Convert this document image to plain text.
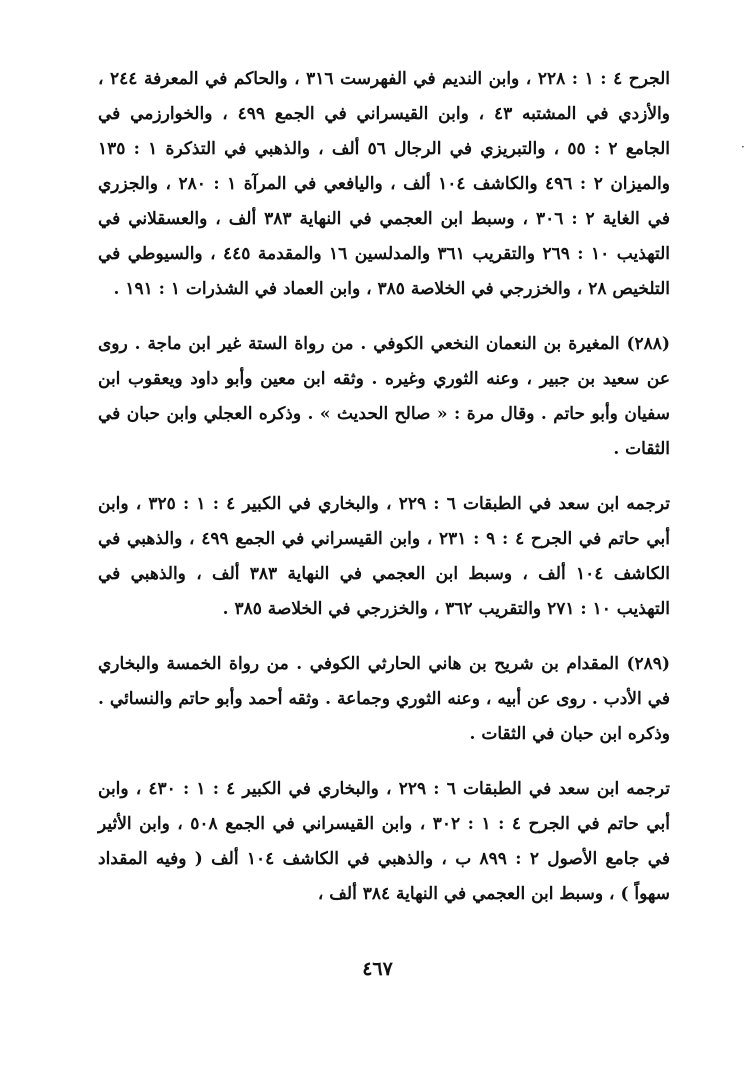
الجرح ٤ : ١ : ٢٢٨ ، وابن النديم في الفهرست ٣١٦ ، والحاكم في المعرفة ٢٤٤ ، والأزدي في المشتبه ٤٣ ، وابن القيسراني في الجمع ٤٩٩ ، والخوارزمي في الجامع ٢ : ٥٥ ، والتبريزي في الرجال ٥٦ ألف ، والذهبي في التذكرة ١ : ١٣٥ والميزان ٢ : ٤٩٦ والكاشف ١٠٤ ألف ، واليافعي في المرآة ١ : ٢٨٠ ، والجزري في الغاية ٢ : ٣٠٦ ، وسبط ابن العجمي في النهاية ٣٨٣ ألف ، والعسقلاني في التهذيب ١٠ : ٢٦٩ والتقريب ٣٦١ والمدلسين ١٦ والمقدمة ٤٤٥ ، والسيوطي في التلخيص ٢٨ ، والخزرجي في الخلاصة ٣٨٥ ، وابن العماد في الشذرات ١ : ١٩١ .

(٢٨٨) المغيرة بن النعمان النخعي الكوفي . من رواة الستة غير ابن ماجة . روى عن سعيد بن جبير ، وعنه الثوري وغيره . وثقه ابن معين وأبو داود ويعقوب ابن سفيان وأبو حاتم . وقال مرة : « صالح الحديث » . وذكره العجلي وابن حبان في الثقات .

ترجمه ابن سعد في الطبقات ٦ : ٢٢٩ ، والبخاري في الكبير ٤ : ١ : ٣٢٥ ، وابن أبي حاتم في الجرح ٤ : ٩ : ٢٣١ ، وابن القيسراني في الجمع ٤٩٩ ، والذهبي في الكاشف ١٠٤ ألف ، وسبط ابن العجمي في النهاية ٣٨٣ ألف ، والذهبي في التهذيب ١٠ : ٢٧١ والتقريب ٣٦٢ ، والخزرجي في الخلاصة ٣٨٥ .

(٢٨٩) المقدام بن شريح بن هاني الحارثي الكوفي . من رواة الخمسة والبخاري في الأدب . روى عن أبيه ، وعنه الثوري وجماعة . وثقه أحمد وأبو حاتم والنسائي . وذكره ابن حبان في الثقات .

ترجمه ابن سعد في الطبقات ٦ : ٢٢٩ ، والبخاري في الكبير ٤ : ١ : ٤٣٠ ، وابن أبي حاتم في الجرح ٤ : ١ : ٣٠٢ ، وابن القيسراني في الجمع ٥٠٨ ، وابن الأثير في جامع الأصول ٢ : ٨٩٩ ب ، والذهبي في الكاشف ١٠٤ ألف ( وفيه المقداد سهواً ) ، وسبط ابن العجمي في النهاية ٣٨٤ ألف ،

٤٦٧
·
